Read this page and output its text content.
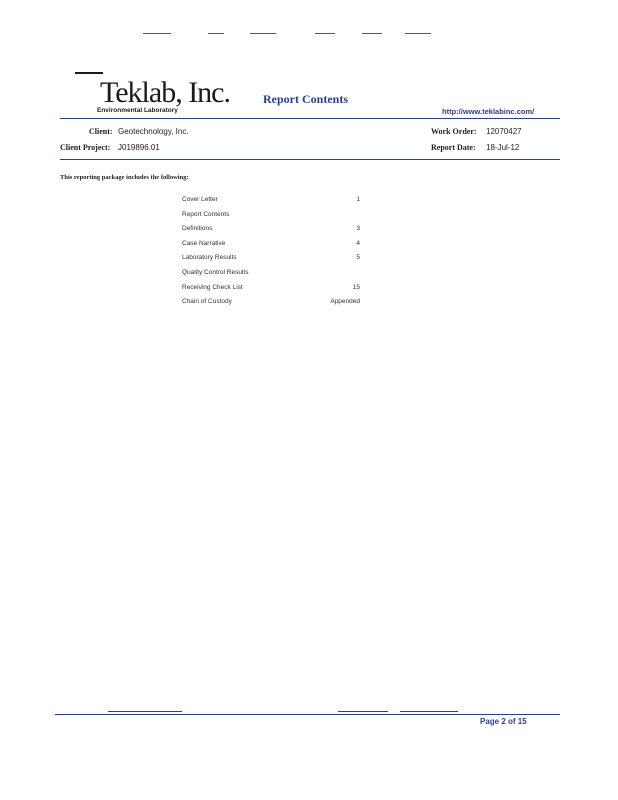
Teklab, Inc.
Environmental Laboratory
Report Contents
http://www.teklabinc.com/
Client: Geotechnology, Inc.
Client Project: J019896.01
Work Order: 12070427
Report Date: 18-Jul-12
This reporting package includes the following:
Cover Letter	1
Report Contents
Definitions	3
Case Narrative	4
Laboratory Results	5
Quality Control Results
Receiving Check List	15
Chain of Custody	Appended
Page 2 of 15
